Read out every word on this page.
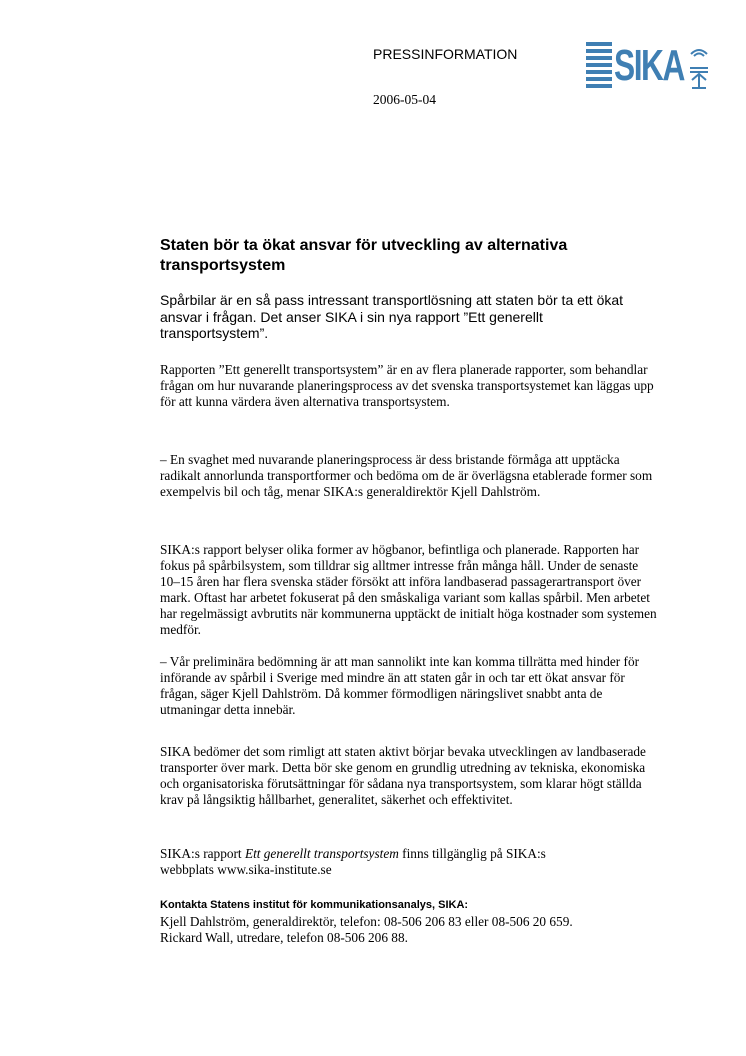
PRESSINFORMATION
2006-05-04
SIKA
Staten bör ta ökat ansvar för utveckling av alternativa transportsystem

Spårbilar är en så pass intressant transportlösning att staten bör ta ett ökat ansvar i frågan. Det anser SIKA i sin nya rapport ”Ett generellt transportsystem”.

Rapporten ”Ett generellt transportsystem” är en av flera planerade rapporter, som behandlar frågan om hur nuvarande planeringsprocess av det svenska transportsystemet kan läggas upp för att kunna värdera även alternativa transportsystem.

– En svaghet med nuvarande planeringsprocess är dess bristande förmåga att upptäcka radikalt annorlunda transportformer och bedöma om de är överlägsna etablerade former som exempelvis bil och tåg, menar SIKA:s generaldirektör Kjell Dahlström.

SIKA:s rapport belyser olika former av högbanor, befintliga och planerade. Rapporten har fokus på spårbilsystem, som tilldrar sig alltmer intresse från många håll. Under de senaste 10–15 åren har flera svenska städer försökt att införa landbaserad passagerartransport över mark. Oftast har arbetet fokuserat på den småskaliga variant som kallas spårbil. Men arbetet har regelmässigt avbrutits när kommunerna upptäckt de initialt höga kostnader som systemen medför.

– Vår preliminära bedömning är att man sannolikt inte kan komma tillrätta med hinder för införande av spårbil i Sverige med mindre än att staten går in och tar ett ökat ansvar för frågan, säger Kjell Dahlström. Då kommer förmodligen näringslivet snabbt anta de utmaningar detta innebär.

SIKA bedömer det som rimligt att staten aktivt börjar bevaka utvecklingen av landbaserade transporter över mark. Detta bör ske genom en grundlig utredning av tekniska, ekonomiska och organisatoriska förutsättningar för sådana nya transportsystem, som klarar högt ställda krav på långsiktig hållbarhet, generalitet, säkerhet och effektivitet.

SIKA:s rapport Ett generellt transportsystem finns tillgänglig på SIKA:s
webbplats www.sika-institute.se

Kontakta Statens institut för kommunikationsanalys, SIKA:

Kjell Dahlström, generaldirektör, telefon: 08-506 206 83 eller 08-506 20 659.

Rickard Wall, utredare, telefon 08-506 206 88.
